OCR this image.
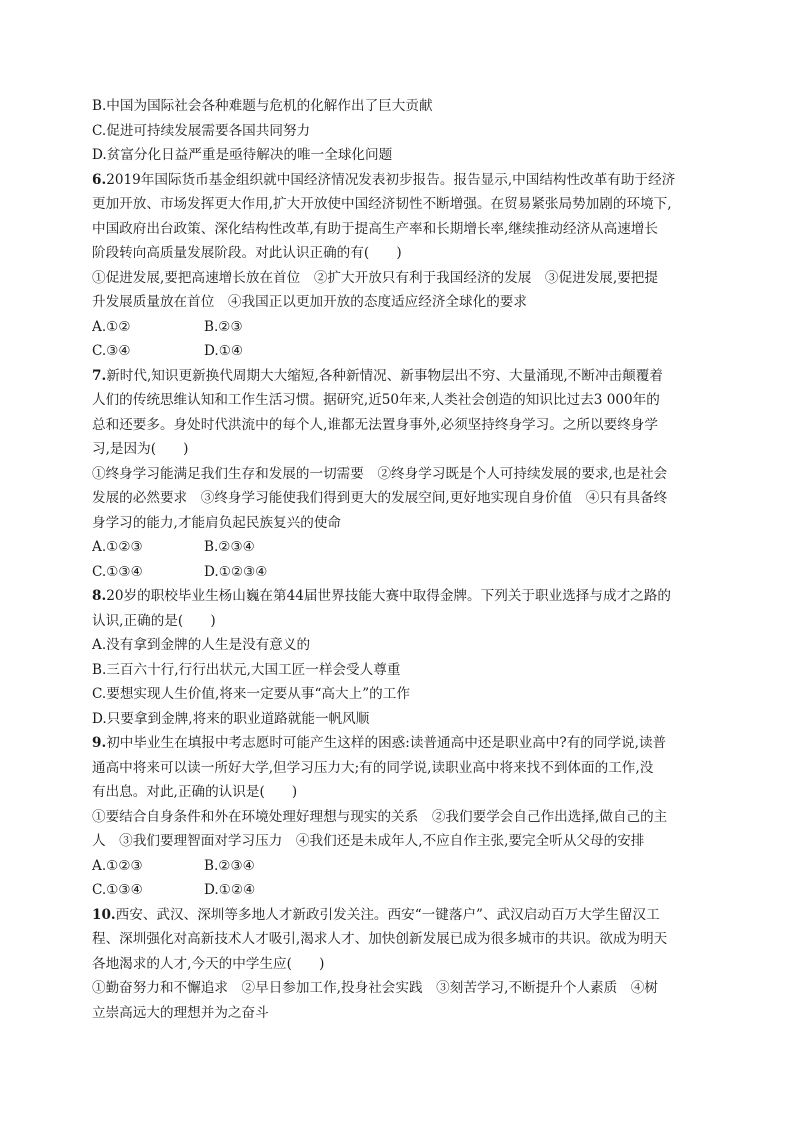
B.中国为国际社会各种难题与危机的化解作出了巨大贡献
C.促进可持续发展需要各国共同努力
D.贫富分化日益严重是亟待解决的唯一全球化问题
6.2019年国际货币基金组织就中国经济情况发表初步报告。报告显示,中国结构性改革有助于经济
更加开放、市场发挥更大作用,扩大开放使中国经济韧性不断增强。在贸易紧张局势加剧的环境下,
中国政府出台政策、深化结构性改革,有助于提高生产率和长期增长率,继续推动经济从高速增长
阶段转向高质量发展阶段。对此认识正确的有(　　)
①促进发展,要把高速增长放在首位　②扩大开放只有利于我国经济的发展　③促进发展,要把提
升发展质量放在首位　④我国正以更加开放的态度适应经济全球化的要求
A.①②	B.②③
C.③④	D.①④
7.新时代,知识更新换代周期大大缩短,各种新情况、新事物层出不穷、大量涌现,不断冲击颠覆着
人们的传统思维认知和工作生活习惯。据研究,近50年来,人类社会创造的知识比过去3 000年的
总和还要多。身处时代洪流中的每个人,谁都无法置身事外,必须坚持终身学习。之所以要终身学
习,是因为(　　)
①终身学习能满足我们生存和发展的一切需要　②终身学习既是个人可持续发展的要求,也是社会
发展的必然要求　③终身学习能使我们得到更大的发展空间,更好地实现自身价值　④只有具备终
身学习的能力,才能肩负起民族复兴的使命
A.①②③	B.②③④
C.①③④	D.①②③④
8.20岁的职校毕业生杨山巍在第44届世界技能大赛中取得金牌。下列关于职业选择与成才之路的
认识,正确的是(　　)
A.没有拿到金牌的人生是没有意义的
B.三百六十行,行行出状元,大国工匠一样会受人尊重
C.要想实现人生价值,将来一定要从事“高大上”的工作
D.只要拿到金牌,将来的职业道路就能一帆风顺
9.初中毕业生在填报中考志愿时可能产生这样的困惑:读普通高中还是职业高中?有的同学说,读普
通高中将来可以读一所好大学,但学习压力大;有的同学说,读职业高中将来找不到体面的工作,没
有出息。对此,正确的认识是(　　)
①要结合自身条件和外在环境处理好理想与现实的关系　②我们要学会自己作出选择,做自己的主
人　③我们要理智面对学习压力　④我们还是未成年人,不应自作主张,要完全听从父母的安排
A.①②③	B.②③④
C.①③④	D.①②④
10.西安、武汉、深圳等多地人才新政引发关注。西安“一键落户”、武汉启动百万大学生留汉工
程、深圳强化对高新技术人才吸引,渴求人才、加快创新发展已成为很多城市的共识。欲成为明天
各地渴求的人才,今天的中学生应(　　)
①勤奋努力和不懈追求　②早日参加工作,投身社会实践　③刻苦学习,不断提升个人素质　④树
立崇高远大的理想并为之奋斗
